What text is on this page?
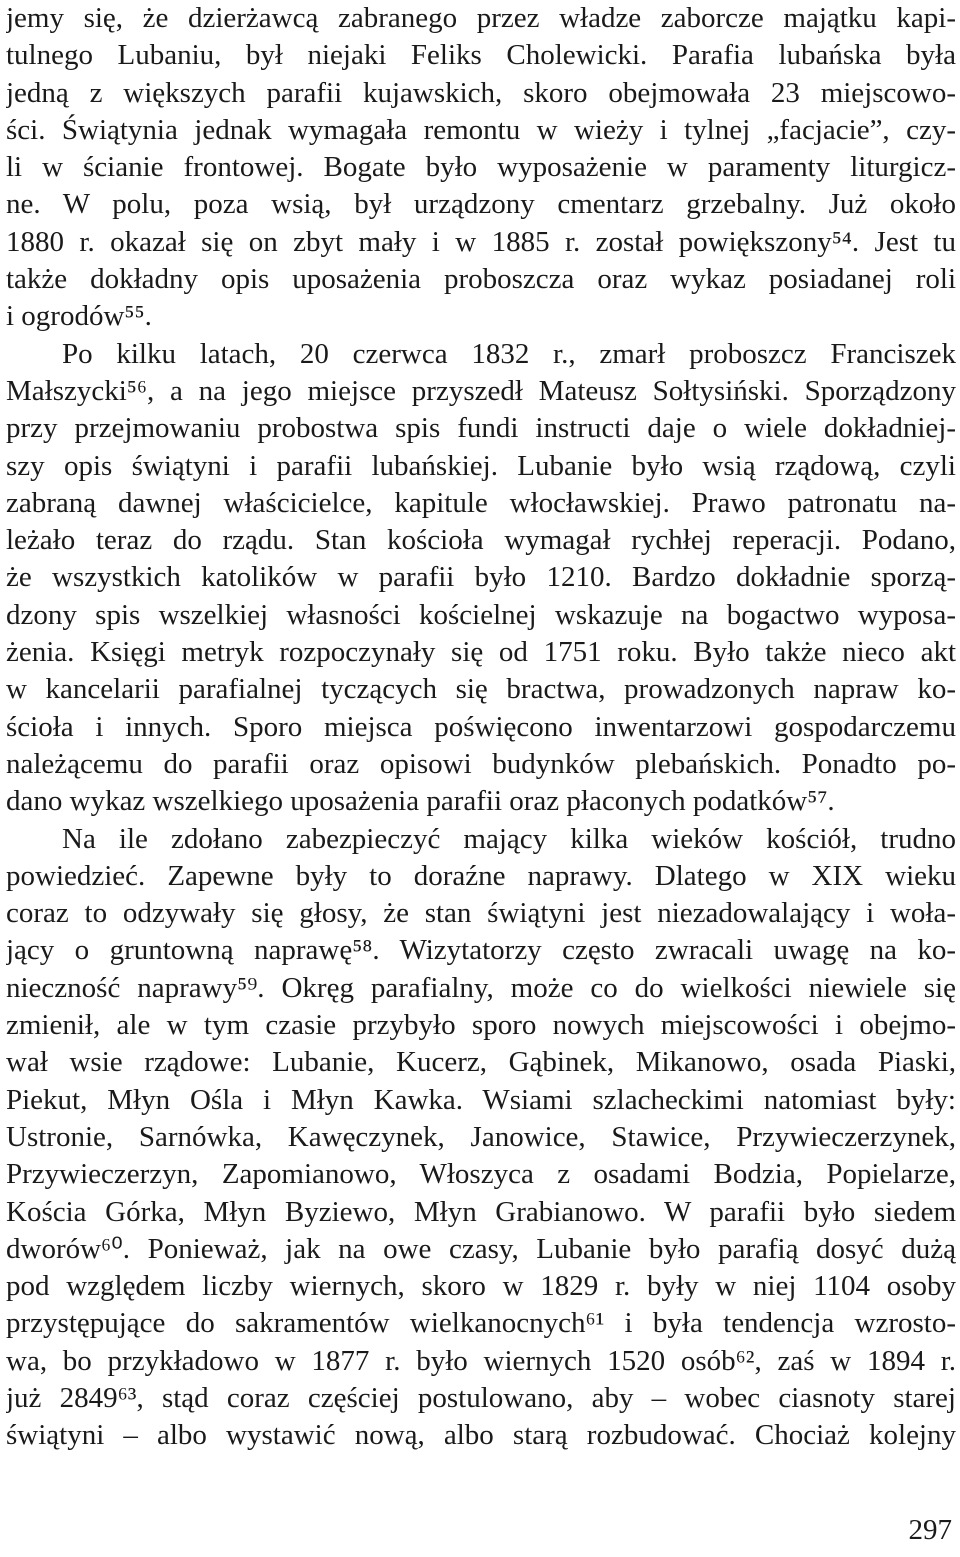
jemy się, że dzierżawcą zabranego przez władze zaborcze majątku kapi-
tulnego Lubaniu, był niejaki Feliks Cholewicki. Parafia lubańska była
jedną z większych parafii kujawskich, skoro obejmowała 23 miejscowo-
ści. Świątynia jednak wymagała remontu w wieży i tylnej „facjacie”, czy-
li w ścianie frontowej. Bogate było wyposażenie w paramenty liturgicz-
ne. W polu, poza wsią, był urządzony cmentarz grzebalny. Już około
1880 r. okazał się on zbyt mały i w 1885 r. został powiększony⁵⁴. Jest tu
także dokładny opis uposażenia proboszcza oraz wykaz posiadanej roli
i ogrodów⁵⁵.
Po kilku latach, 20 czerwca 1832 r., zmarł proboszcz Franciszek
Małszycki⁵⁶, a na jego miejsce przyszedł Mateusz Sołtysiński. Sporządzony
przy przejmowaniu probostwa spis fundi instructi daje o wiele dokładniej-
szy opis świątyni i parafii lubańskiej. Lubanie było wsią rządową, czyli
zabraną dawnej właścicielce, kapitule włocławskiej. Prawo patronatu na-
leżało teraz do rządu. Stan kościoła wymagał rychłej reperacji. Podano,
że wszystkich katolików w parafii było 1210. Bardzo dokładnie sporzą-
dzony spis wszelkiej własności kościelnej wskazuje na bogactwo wyposa-
żenia. Księgi metryk rozpoczynały się od 1751 roku. Było także nieco akt
w kancelarii parafialnej tyczących się bractwa, prowadzonych napraw ko-
ścioła i innych. Sporo miejsca poświęcono inwentarzowi gospodarczemu
należącemu do parafii oraz opisowi budynków plebańskich. Ponadto po-
dano wykaz wszelkiego uposażenia parafii oraz płaconych podatków⁵⁷.
Na ile zdołano zabezpieczyć mający kilka wieków kościół, trudno
powiedzieć. Zapewne były to doraźne naprawy. Dlatego w XIX wieku
coraz to odzywały się głosy, że stan świątyni jest niezadowalający i woła-
jący o gruntowną naprawę⁵⁸. Wizytatorzy często zwracali uwagę na ko-
nieczność naprawy⁵⁹. Okręg parafialny, może co do wielkości niewiele się
zmienił, ale w tym czasie przybyło sporo nowych miejscowości i obejmo-
wał wsie rządowe: Lubanie, Kucerz, Gąbinek, Mikanowo, osada Piaski,
Piekut, Młyn Ośla i Młyn Kawka. Wsiami szlacheckimi natomiast były:
Ustronie, Sarnówka, Kawęczynek, Janowice, Stawice, Przywieczerzynek,
Przywieczerzyn, Zapomianowo, Włoszyca z osadami Bodzia, Popielarze,
Kościa Górka, Młyn Byziewo, Młyn Grabianowo. W parafii było siedem
dworów⁶⁰. Ponieważ, jak na owe czasy, Lubanie było parafią dosyć dużą
pod względem liczby wiernych, skoro w 1829 r. były w niej 1104 osoby
przystępujące do sakramentów wielkanocnych⁶¹ i była tendencja wzrosto-
wa, bo przykładowo w 1877 r. było wiernych 1520 osób⁶², zaś w 1894 r.
już 2849⁶³, stąd coraz częściej postulowano, aby – wobec ciasnoty starej
świątyni – albo wystawić nową, albo starą rozbudować. Chociaż kolejny
297
